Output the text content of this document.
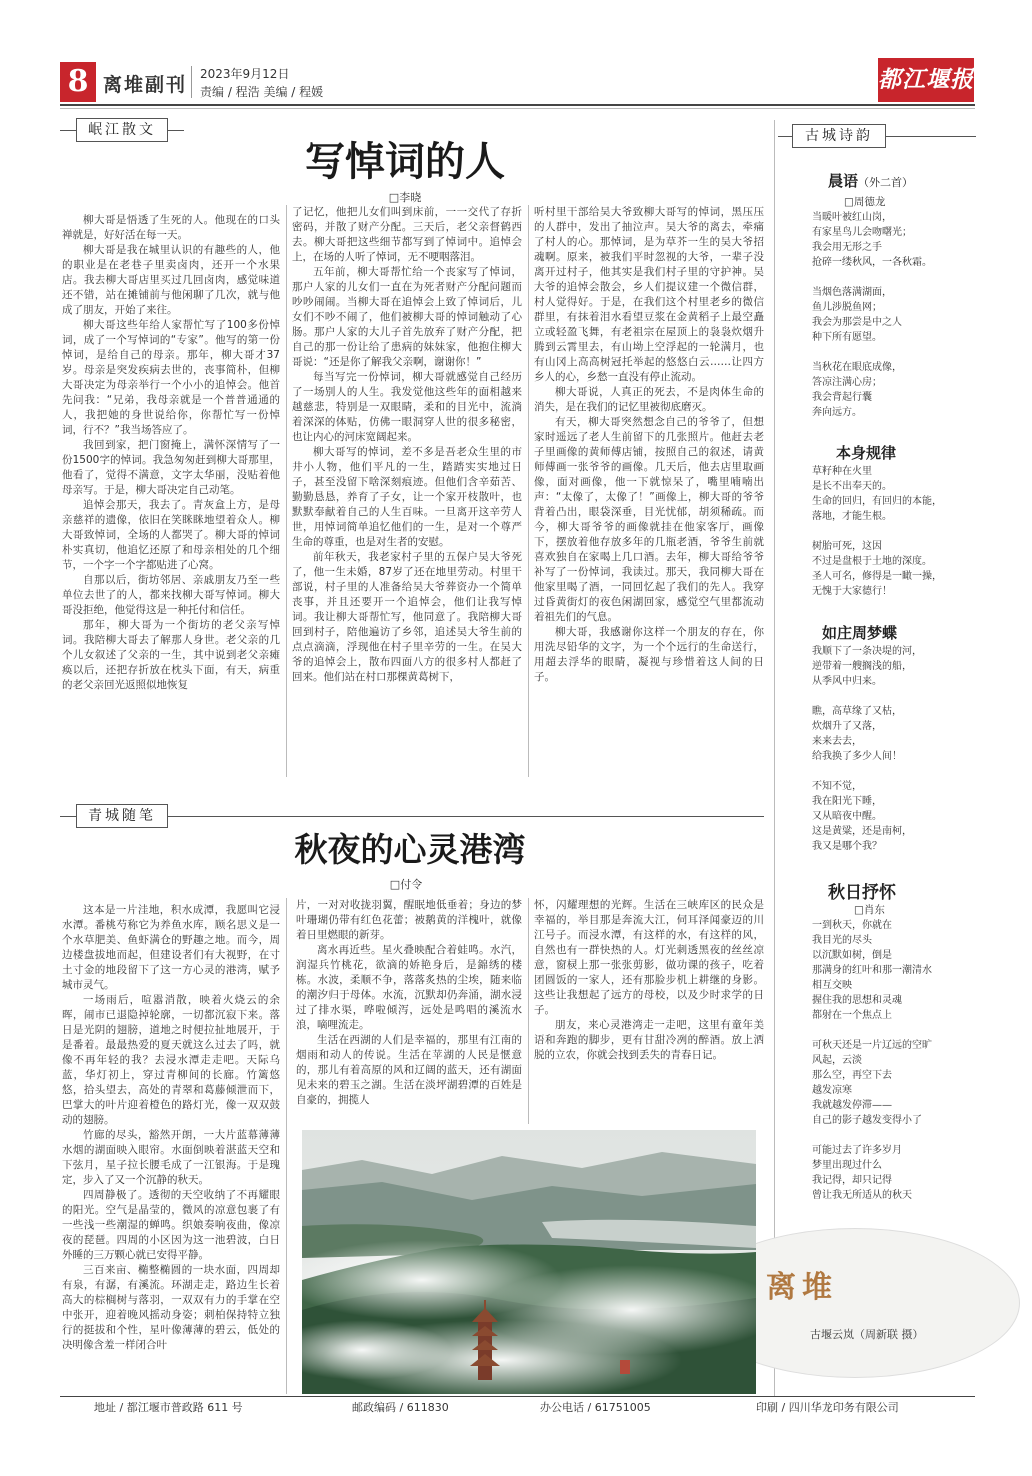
8 离堆副刊 2023年9月12日
责编 / 程浩 美编 / 程媛	都江堰报
岷江散文	古城诗韵
青城随笔
写悼词的人
□李晓

柳大哥是悟透了生死的人。他现在的口头禅就是，好好活在每一天。

柳大哥是我在城里认识的有趣些的人，他的职业是在老巷子里卖卤肉，还开一个水果店。我去柳大哥店里买过几回卤肉，感觉味道还不错，站在摊铺前与他闲聊了几次，就与他成了朋友，开始了来往。

柳大哥这些年给人家帮忙写了100多份悼词，成了一个写悼词的“专家”。他写的第一份悼词，是给自己的母亲。那年，柳大哥才37岁。母亲是突发疾病去世的，丧事简朴，但柳大哥决定为母亲举行一个小小的追悼会。他首先问我：“兄弟，我母亲就是一个普普通通的人，我把她的身世说给你，你帮忙写一份悼词，行不？”我当场答应了。

我回到家，把门窗掩上，满怀深情写了一份1500字的悼词。我急匆匆赶到柳大哥那里，他看了，觉得不满意，文字太华丽，没贴着他母亲写。于是，柳大哥决定自己动笔。

追悼会那天，我去了。青灰盒上方，是母亲慈祥的遗像，依旧在笑眯眯地望着众人。柳大哥致悼词，全场的人都哭了。柳大哥的悼词朴实真切，他追忆还原了和母亲相处的几个细节，一个字一个字都贴进了心窝。

自那以后，街坊邻居、亲戚朋友乃至一些单位去世了的人，都来找柳大哥写悼词。柳大哥没拒绝，他觉得这是一种托付和信任。

那年，柳大哥为一个街坊的老父亲写悼词。我陪柳大哥去了解那人身世。老父亲的几个儿女叙述了父亲的一生，其中说到老父亲瘫痪以后，还把存折放在枕头下面，有天，病重的老父亲回光返照似地恢复

了记忆，他把儿女们叫到床前，一一交代了存折密码，并散了财产分配。三天后，老父亲督鹤西去。柳大哥把这些细节都写到了悼词中。追悼会上，在场的人听了悼词，无不哽咽落泪。

五年前，柳大哥帮忙给一个丧家写了悼词，那户人家的儿女们一直在为死者财产分配问题而吵吵闹闹。当柳大哥在追悼会上致了悼词后，儿女们不吵不闹了，他们被柳大哥的悼词触动了心肠。那户人家的大儿子首先放弃了财产分配，把自己的那一份让给了患病的妹妹家，他抱住柳大哥说：“还是你了解我父亲啊，谢谢你！”

每当写完一份悼词，柳大哥就感觉自己经历了一场别人的人生。我发觉他这些年的面相越来越慈悲，特别是一双眼睛，柔和的目光中，流淌着深深的体贴，仿佛一眼洞穿人世的很多秘密，也让内心的河床宽阔起来。

柳大哥写的悼词，差不多是吾老众生里的市井小人物，他们平凡的一生，踏踏实实地过日子，甚至没留下啥深刻痕迹。但他们含辛茹苦、勤勤恳恳，养育了子女，让一个家开枝散叶，也默默奉献着自己的人生百味。一旦离开这辛劳人世，用悼词简单追忆他们的一生，是对一个尊严生命的尊重，也是对生者的安慰。

前年秋天，我老家村子里的五保户吴大爷死了，他一生未婚，87岁了还在地里劳动。村里干部说，村子里的人准备给吴大爷葬资办一个简单丧事，并且还要开一个追悼会，他们让我写悼词。我让柳大哥帮忙写，他同意了。我陪柳大哥回到村子，陪他遍访了乡邻，追述吴大爷生前的点点滴滴，浮现他在村子里辛劳的一生。在吴大爷的追悼会上，散布四面八方的很多村人都赶了回来。他们站在村口那棵黄葛树下，

听村里干部给吴大爷致柳大哥写的悼词，黑压压的人群中，发出了抽泣声。吴大爷的离去，牵痛了村人的心。那悼词，是为草芥一生的吴大爷招魂啊。原来，被我们平时忽视的大爷，一辈子没离开过村子，他其实是我们村子里的守护神。吴大爷的追悼会散会，乡人们提议建一个微信群，村人觉得好。于是，在我们这个村里老乡的微信群里，有抹着泪水看望豆浆在金黄稻子上最空矗立或轻盈飞舞，有老祖宗在屋顶上的袅袅炊烟升腾到云霄里去，有山坳上空浮起的一轮满月，也有山冈上高高树冠托举起的悠悠白云……让四方乡人的心，乡愁一直没有停止流动。

柳大哥说，人真正的死去，不是肉体生命的消失，是在我们的记忆里被彻底磨灭。

有天，柳大哥突然想念自己的爷爷了，但想家时遥远了老人生前留下的几张照片。他赶去老子里画像的黄师傅店铺，按照自己的叙述，请黄师傅画一张爷爷的画像。几天后，他去店里取画像，面对画像，他一下就惊呆了，嘴里喃喃出声：“太像了，太像了！”画像上，柳大哥的爷爷背着凸出，眼袋深垂，目光忧郁，胡须稀疏。而今，柳大哥爷爷的画像就挂在他家客厅，画像下，摆放着他存放多年的几瓶老酒，爷爷生前就喜欢独自在家喝上几口酒。去年，柳大哥给爷爷补写了一份悼词，我读过。那天，我同柳大哥在他家里喝了酒，一同回忆起了我们的先人。我穿过昏黄街灯的夜色闲湖回家，感觉空气里都流动着祖先们的气息。

柳大哥，我感谢你这样一个朋友的存在，你用洗尽铅华的文字，为一个个远行的生命送行，用超去浮华的眼睛，凝视与珍惜着这人间的日子。

秋夜的心灵港湾
□付令

这本是一片洼地，积水成潭，我愿叫它浸水潭。番桃芍称它为养鱼水库，顾名思义是一个水草肥美、鱼虾满仓的野趣之地。而今，周边楼盘拔地而起，但建设者们有大视野，在寸土寸金的地段留下了这一方心灵的港湾，赋予城市灵气。

一场雨后，喧嚣消散，映着火烧云的余晖，闹市已退隐掉轮廓，一切都沉寂下来。落日是光阴的翅膀，道地之时便拉扯地展开，于是番着。最最热爱的夏天就这么过去了吗，就像不再年轻的我？去浸水潭走走吧。天际乌蓝，华灯初上，穿过青柳间的长廊。竹篱悠悠，拾头望去，高处的青翠和葛藤倾泄而下，巴掌大的叶片迎着橙色的路灯光，像一双双鼓动的翅膀。

竹廊的尽头，豁然开朗，一大片蓝幕薄薄水烟的湖面映入眼帘。水面倒映着湛蓝天空和下弦月，星子拉长腰毛成了一江银海。于是瑰定，步入了又一个沉静的秋天。

四周静极了。透彻的天空收纳了不再耀眼的阳光。空气是晶莹的，微风的凉意包裹了有一些浅一些潮湿的蝉鸣。织娘奏响夜曲，像凉夜的琵琶。四周的小区因为这一池碧波，白日外睡的三万颗心就已安得平静。

三百来亩、椭整椭圆的一块水面，四周却有泉，有潺，有溪流。环湖走走，路边生长着高大的棕榈树与落羽，一双双有力的手掌在空中张开，迎着晚风摇动身姿；刺柏保持特立独行的挺拔和个性，星叶像薄薄的碧云，低处的决明像含羞一样闭合叶

片，一对对收拢羽翼，醒眠地低垂着；身边的梦叶珊瑚仍带有红色花蕾；被鹅黄的洋槐叶，就像着日里燃眼的新芽。

离水再近些。星火叠映配合着蛙鸣。水汽，润湿兵竹桃花，欲滴的娇艳身后，是錦绣的楼栋。水波，柔顺不争，落落炙热的尘埃，随来临的潮汐归于母体。水流，沉默却仍奔涌，湖水浸过了排水渠，哗啦倾泻，远处是鸣唱的溪流水浪，嘀哩流走。

生活在西湖的人们是幸福的，那里有江南的烟雨和动人的传说。生活在苹湖的人民是惬意的，那儿有着高原的风和辽阔的蓝天，还有湖面见未来的碧玉之湖。生活在淡坪湖碧潭的百姓是自豪的，拥揽人

怀，闪耀理想的光辉。生活在三峡库区的民众是幸福的，举目那是奔流大江，伺耳泽闻豪迈的川江号子。而浸水潭，有这样的水，有这样的风，自然也有一群快热的人。灯光刺透黑夜的丝丝凉意，窗棂上那一张张剪影，做功课的孩子，吃着团圆饭的一家人，还有那脸步机上耕继的身影。这些让我想起了远方的母校，以及少时求学的日子。

朋友，来心灵港湾走一走吧，这里有童年美语和奔跑的脚步，更有甘甜冷冽的醉酒。放上洒脱的立农，你就会找到丢失的青春日记。

晨语（外二首）
□周德龙
当暖叶被红山岗，
有家星鸟儿会吻曙光；
我会用无形之手
抢碎一缕秋风，一各秋霜。
当烟色落满湖面，
鱼儿涉脱鱼网；
我会为那尝是中之人
种下所有愿望。
当秋花在眼底成像，
答凉注满心房；
我会背起行囊
奔向远方。
本身规律
草籽种在火里
是长不出奉天的。
生命的回归，有回归的本能，
落地，才能生根。
树胎可死，这因
不过是盘根于土地的深度。
圣人可名，修得是一瞰一操，
无愧于大家德行！
如庄周梦蝶
我顺下了一条决堤的河，
逆带着一艘搁浅的船，
从季风中归来。
瞧，高草缘了又枯，
炊烟升了又落，
来来去去，
给我换了多少人间！
不知不觉，
我在阳光下睡，
又从暗夜中醒。
这是黄粱，还是南柯，
我又是哪个我？
秋日抒怀
□肖东
一到秋天，你就在
我目光的尽头
以沉默如树，倒是
那满身的红叶和那一潮清水
相互交映
握住我的思想和灵魂
都射在一个焦点上
可秋天还是一片辽远的空旷
风起，云淡
那么空，再空下去
越发凉寒
我就越发停滞——
自己的影子越发变得小了
可能过去了许多岁月
梦里出现过什么
我记得，却只记得
曾让我无所适从的秋天
离堆
古堰云岚（周新联 摄）
地址 / 都江堰市普政路 611 号	邮政编码 / 611830	办公电话 / 61751005	印刷 / 四川华龙印务有限公司
